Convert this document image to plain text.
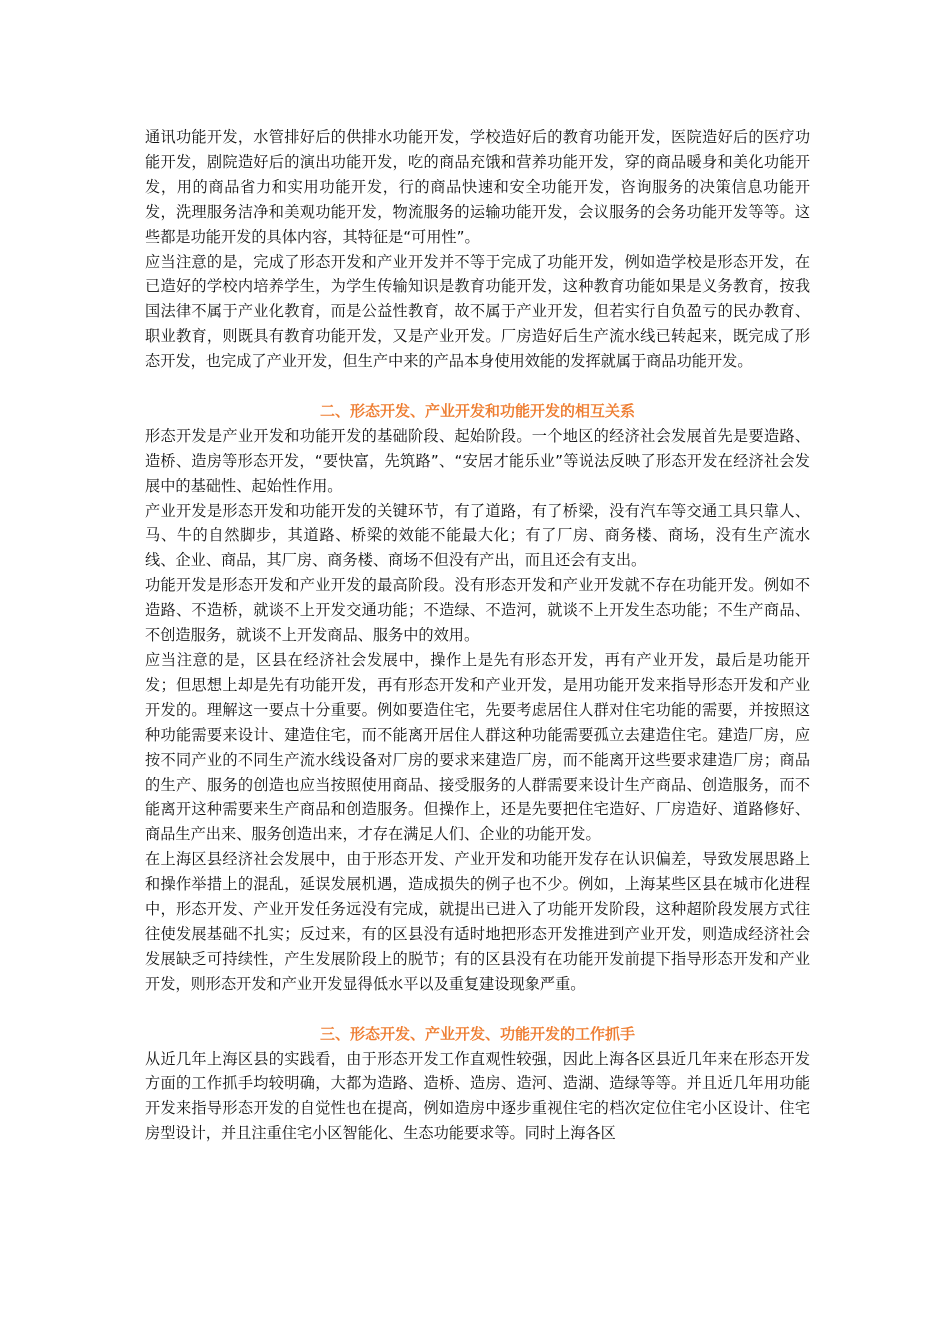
通讯功能开发，水管排好后的供排水功能开发，学校造好后的教育功能开发，医院造好后的医疗功能开发，剧院造好后的演出功能开发，吃的商品充饿和营养功能开发，穿的商品暖身和美化功能开发，用的商品省力和实用功能开发，行的商品快速和安全功能开发，咨询服务的决策信息功能开发，洗理服务洁净和美观功能开发，物流服务的运输功能开发，会议服务的会务功能开发等等。这些都是功能开发的具体内容，其特征是“可用性”。

应当注意的是，完成了形态开发和产业开发并不等于完成了功能开发，例如造学校是形态开发，在已造好的学校内培养学生，为学生传输知识是教育功能开发，这种教育功能如果是义务教育，按我国法律不属于产业化教育，而是公益性教育，故不属于产业开发，但若实行自负盈亏的民办教育、职业教育，则既具有教育功能开发，又是产业开发。厂房造好后生产流水线已转起来，既完成了形态开发，也完成了产业开发，但生产中来的产品本身使用效能的发挥就属于商品功能开发。

二、形态开发、产业开发和功能开发的相互关系

形态开发是产业开发和功能开发的基础阶段、起始阶段。一个地区的经济社会发展首先是要造路、造桥、造房等形态开发，“要快富，先筑路”、“安居才能乐业”等说法反映了形态开发在经济社会发展中的基础性、起始性作用。

产业开发是形态开发和功能开发的关键环节，有了道路，有了桥梁，没有汽车等交通工具只靠人、马、牛的自然脚步，其道路、桥梁的效能不能最大化；有了厂房、商务楼、商场，没有生产流水线、企业、商品，其厂房、商务楼、商场不但没有产出，而且还会有支出。

功能开发是形态开发和产业开发的最高阶段。没有形态开发和产业开发就不存在功能开发。例如不造路、不造桥，就谈不上开发交通功能；不造绿、不造河，就谈不上开发生态功能；不生产商品、不创造服务，就谈不上开发商品、服务中的效用。

应当注意的是，区县在经济社会发展中，操作上是先有形态开发，再有产业开发，最后是功能开发；但思想上却是先有功能开发，再有形态开发和产业开发，是用功能开发来指导形态开发和产业开发的。理解这一要点十分重要。例如要造住宅，先要考虑居住人群对住宅功能的需要，并按照这种功能需要来设计、建造住宅，而不能离开居住人群这种功能需要孤立去建造住宅。建造厂房，应按不同产业的不同生产流水线设备对厂房的要求来建造厂房，而不能离开这些要求建造厂房；商品的生产、服务的创造也应当按照使用商品、接受服务的人群需要来设计生产商品、创造服务，而不能离开这种需要来生产商品和创造服务。但操作上，还是先要把住宅造好、厂房造好、道路修好、商品生产出来、服务创造出来，才存在满足人们、企业的功能开发。

在上海区县经济社会发展中，由于形态开发、产业开发和功能开发存在认识偏差，导致发展思路上和操作举措上的混乱，延误发展机遇，造成损失的例子也不少。例如，上海某些区县在城市化进程中，形态开发、产业开发任务远没有完成，就提出已进入了功能开发阶段，这种超阶段发展方式往往使发展基础不扎实；反过来，有的区县没有适时地把形态开发推进到产业开发，则造成经济社会发展缺乏可持续性，产生发展阶段上的脱节；有的区县没有在功能开发前提下指导形态开发和产业开发，则形态开发和产业开发显得低水平以及重复建设现象严重。

三、形态开发、产业开发、功能开发的工作抓手

从近几年上海区县的实践看，由于形态开发工作直观性较强，因此上海各区县近几年来在形态开发方面的工作抓手均较明确，大都为造路、造桥、造房、造河、造湖、造绿等等。并且近几年用功能开发来指导形态开发的自觉性也在提高，例如造房中逐步重视住宅的档次定位住宅小区设计、住宅房型设计，并且注重住宅小区智能化、生态功能要求等。同时上海各区
